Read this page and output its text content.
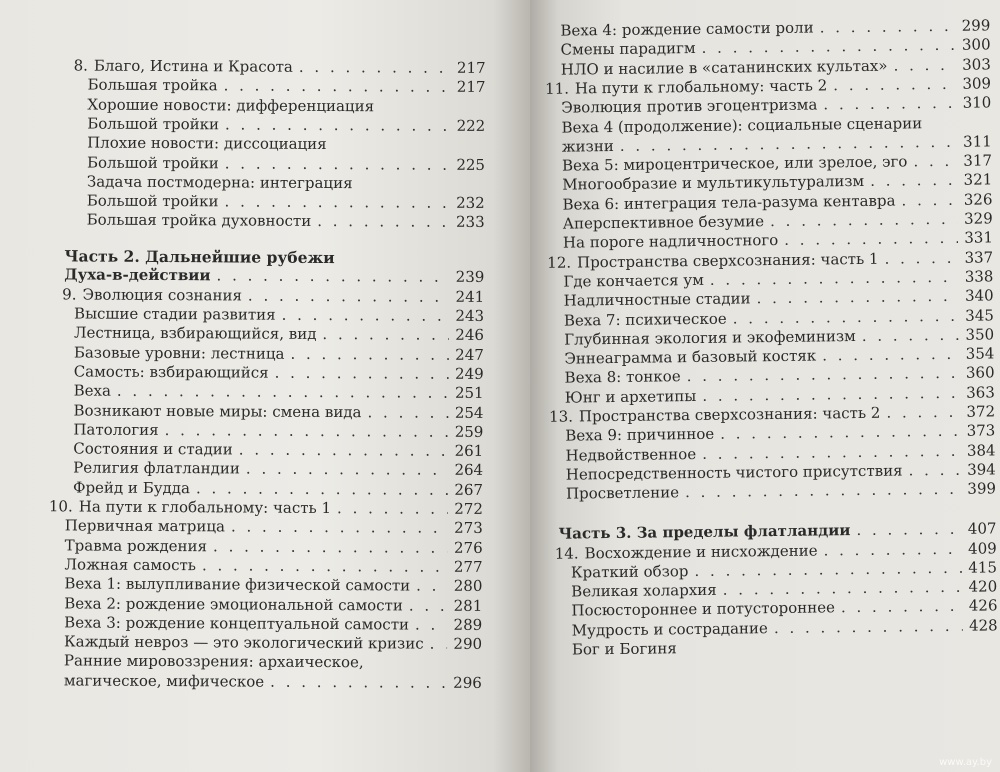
8. Благо, Истина и Красота . . .	217
Большая тройка . . .	217
Хорошие новости: дифференциация
Большой тройки . . .	222
Плохие новости: диссоциация
Большой тройки . . .	225
Задача постмодерна: интеграция
Большой тройки . . .	232
Большая тройка духовности . . .	233
Часть 2. Дальнейшие рубежи
Духа-в-действии . . .	239
9. Эволюция сознания . . .	241
Высшие стадии развития . . .	243
Лестница, взбирающийся, вид . . .	246
Базовые уровни: лестница . . .	247
Самость: взбирающийся . . .	249
Веха . . .	251
Возникают новые миры: смена вида . . .	254
Патология . . .	259
Состояния и стадии . . .	261
Религия флатландии . . .	264
Фрейд и Будда . . .	267
10. На пути к глобальному: часть 1 . . .	272
Первичная матрица . . .	273
Травма рождения . . .	276
Ложная самость . . .	277
Веха 1: вылупливание физической самости . . .	280
Веха 2: рождение эмоциональной самости . . .	281
Веха 3: рождение концептуальной самости . . .	289
Каждый невроз — это экологический кризис . . . 290
Ранние мировоззрения: архаическое,
магическое, мифическое . . .	296
Веха 4: рождение самости роли . . .	299
Смены парадигм . . .	300
НЛО и насилие в «сатанинских культах» . . .	303
11. На пути к глобальному: часть 2 . . .	309
Эволюция против эгоцентризма . . .	310
Веха 4 (продолжение): социальные сценарии
жизни . . .	311
Веха 5: мироцентрическое, или зрелое, эго . . .	317
Многообразие и мультикультурализм . . .	321
Веха 6: интеграция тела-разума кентавра . . .	326
Аперспективное безумие . . .	329
На пороге надличностного . . .	331
12. Пространства сверхсознания: часть 1 . . .	337
Где кончается ум . . .	338
Надличностные стадии . . .	340
Веха 7: психическое . . .	345
Глубинная экология и экофеминизм . . .	350
Эннеаграмма и базовый костяк . . .	354
Веха 8: тонкое . . .	360
Юнг и архетипы . . .	363
13. Пространства сверхсознания: часть 2 . . .	372
Веха 9: причинное . . .	373
Недвойственное . . .	384
Непосредственность чистого присутствия . . .	394
Просветление . . .	399
Часть 3. За пределы флатландии . . .	407
14. Восхождение и нисхождение . . .	409
Краткий обзор . . .	415
Великая холархия . . .	420
Посюстороннее и потустороннее . . .	426
Мудрость и сострадание . . .	428
Бог и Богиня
www.ay.by
